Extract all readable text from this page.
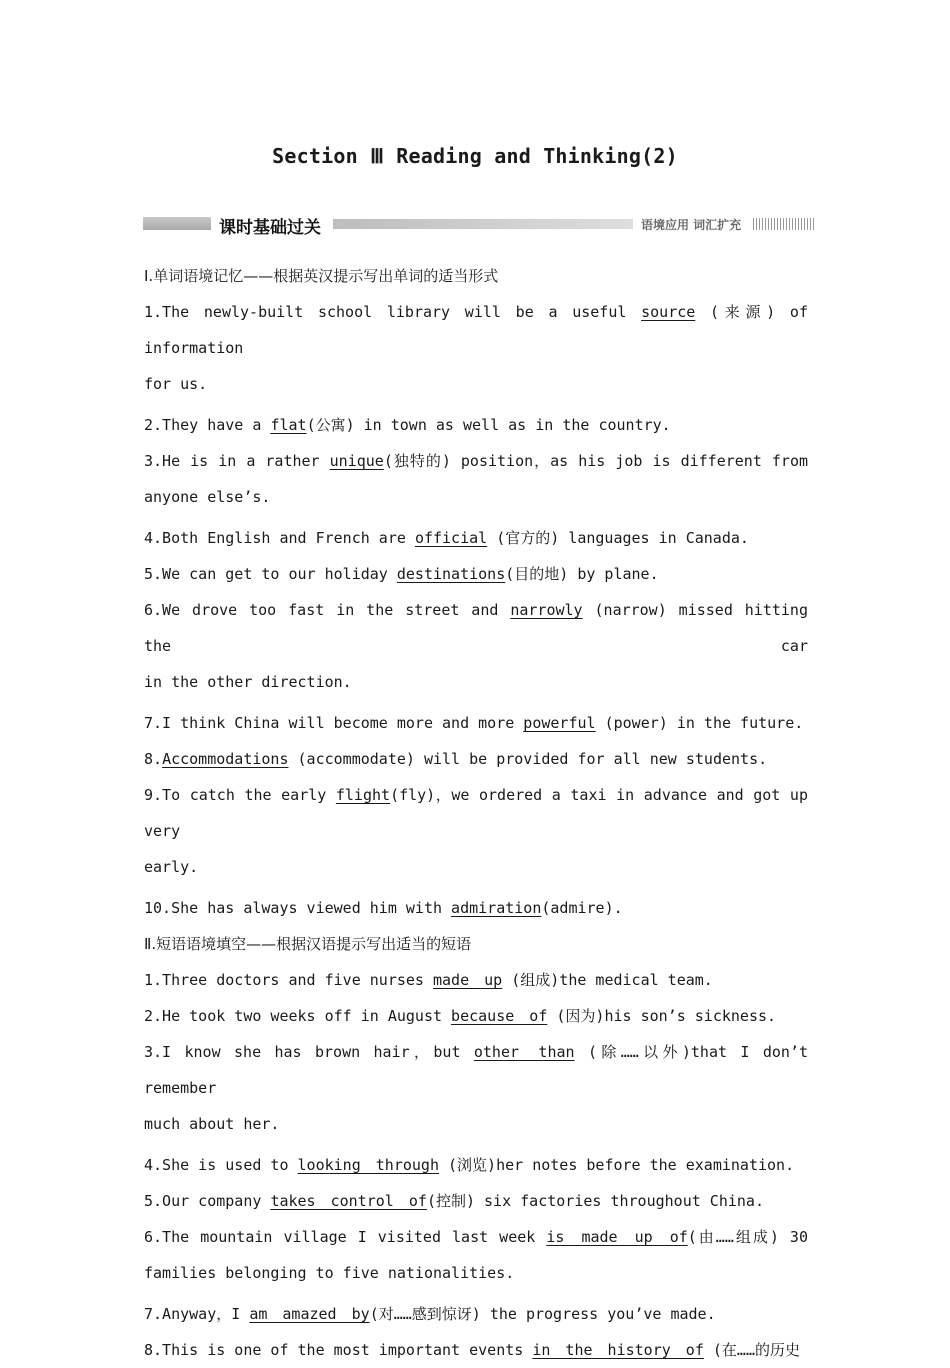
Section Ⅲ Reading and Thinking(2)
课时基础过关	语境应用 词汇扩充
Ⅰ.单词语境记忆——根据英汉提示写出单词的适当形式
1.The newly-built school library will be a useful source (来源) of information
for us.
2.They have a flat(公寓) in town as well as in the country.
3.He is in a rather unique(独特的) position，as his job is different from
anyone else’s.
4.Both English and French are official (官方的) languages in Canada.
5.We can get to our holiday destinations(目的地) by plane.
6.We drove too fast in the street and narrowly (narrow) missed hitting the car
in the other direction.
7.I think China will become more and more powerful (power) in the future.
8.Accommodations (accommodate) will be provided for all new students.
9.To catch the early flight(fly)，we ordered a taxi in advance and got up very
early.
10.She has always viewed him with admiration(admire).
Ⅱ.短语语境填空——根据汉语提示写出适当的短语
1.Three doctors and five nurses made up (组成)the medical team.
2.He took two weeks off in August because of (因为)his son’s sickness.
3.I know she has brown hair，but other than (除……以外)that I don’t remember
much about her.
4.She is used to looking through (浏览)her notes before the examination.
5.Our company takes control of(控制) six factories throughout China.
6.The mountain village I visited last week is made up of(由……组成) 30
families belonging to five nationalities.
7.Anyway，I am amazed by(对……感到惊讶) the progress you’ve made.
8.This is one of the most important events in the history of (在……的历史
